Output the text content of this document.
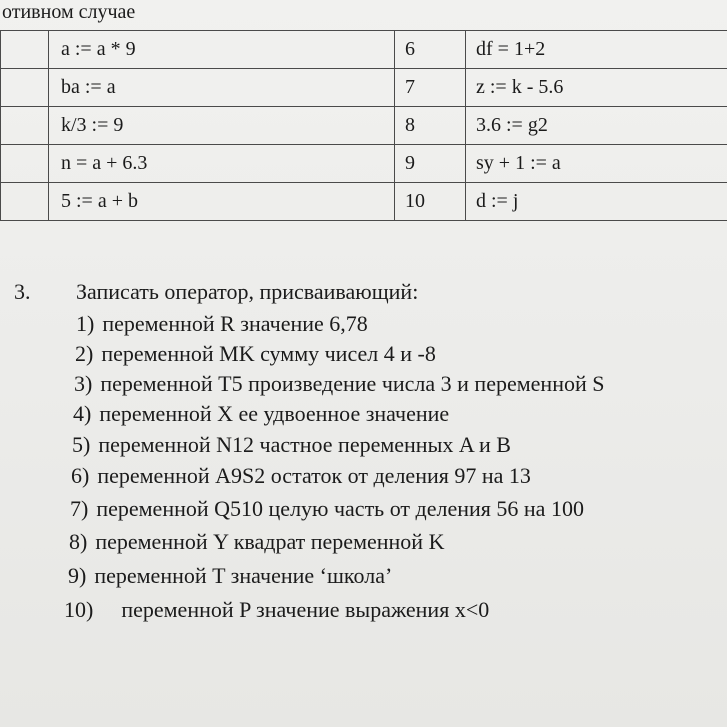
отивном случае
	a := a * 9	6	df = 1+2
	ba := a	7	z := k - 5.6
	k/3 := 9	8	3.6 := g2
	n = a + 6.3	9	sy + 1 := a
	5 := a + b	10	d := j
3. Записать оператор, присваивающий:
1) переменной R значение 6,78
2) переменной MK сумму чисел 4 и -8
3) переменной T5 произведение числа 3 и переменной S
4) переменной X ее удвоенное значение
5) переменной N12 частное переменных A и B
6) переменной A9S2 остаток от деления 97 на 13
7) переменной Q510 целую часть от деления 56 на 100
8) переменной Y квадрат переменной K
9) переменной T значение ‘школа’
10) переменной P значение выражения x<0
